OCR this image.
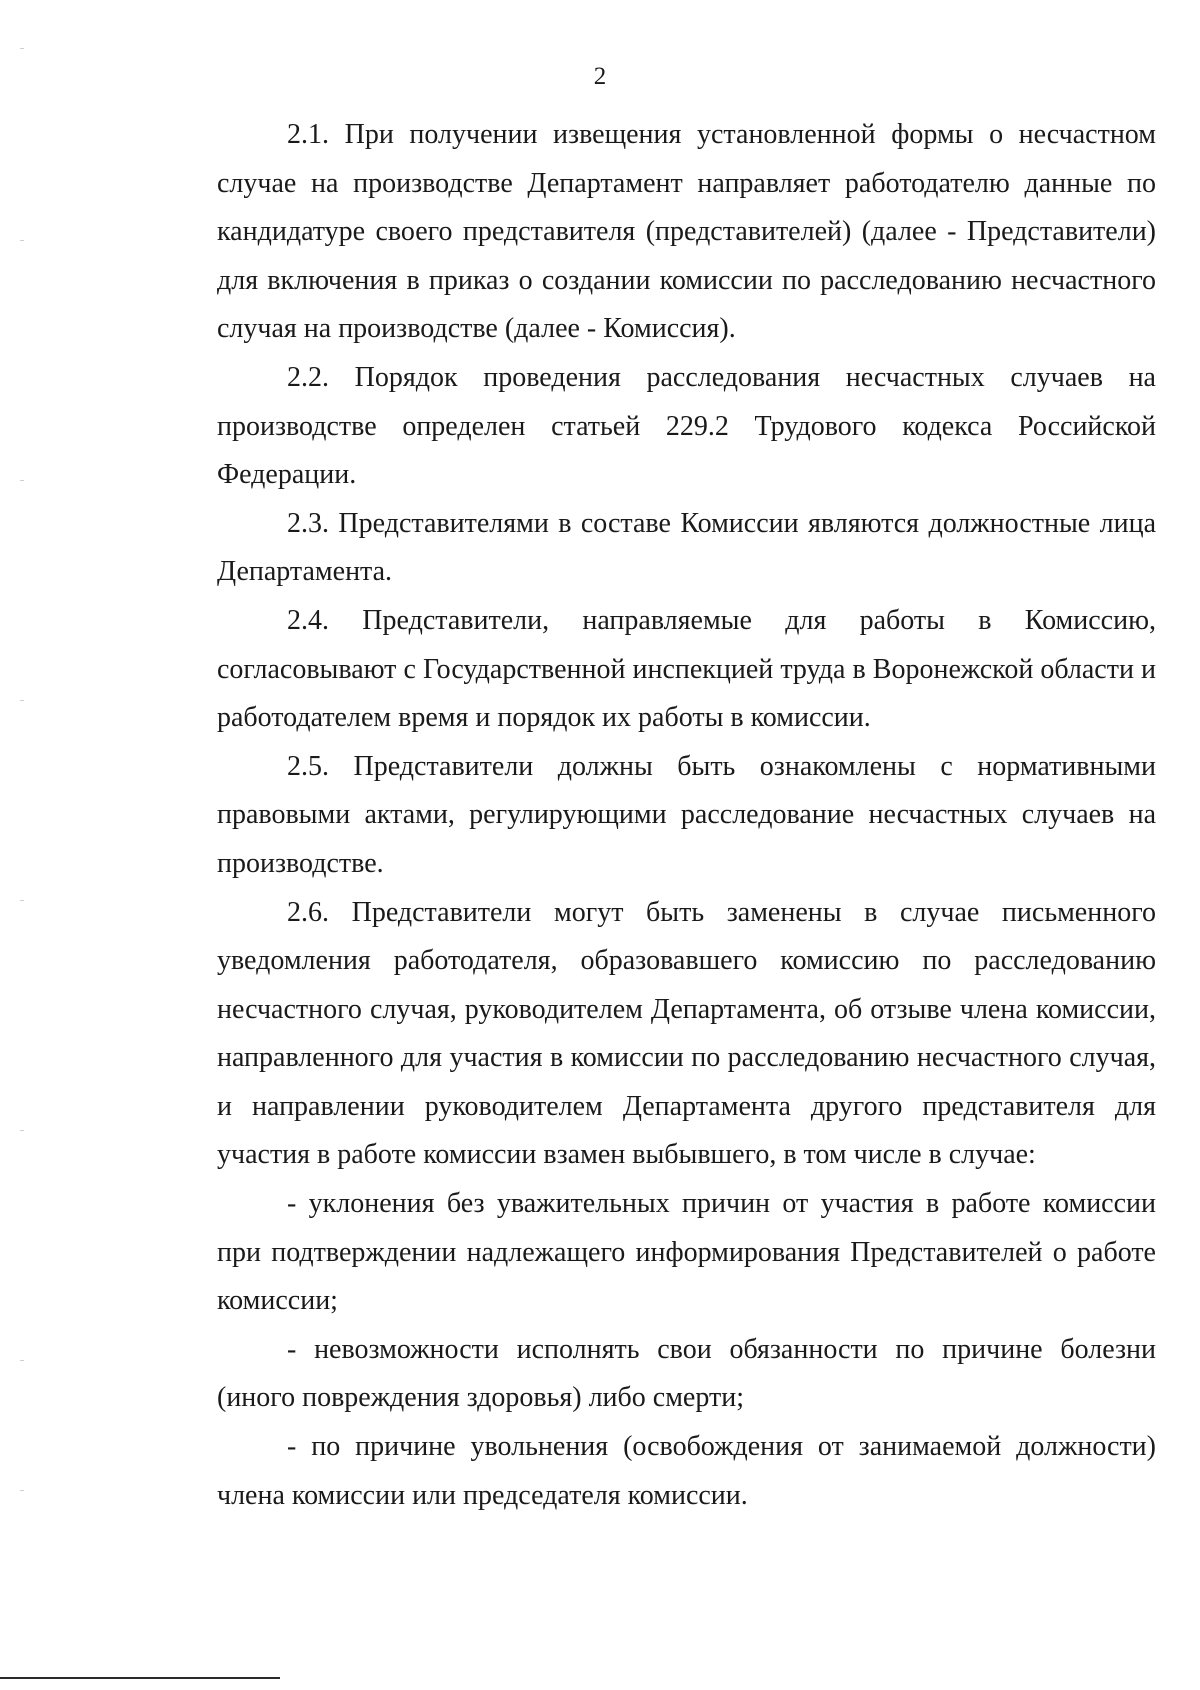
2

2.1. При получении извещения установленной формы о несчастном случае на производстве Департамент направляет работодателю данные по кандидатуре своего представителя (представителей) (далее - Представители) для включения в приказ о создании комиссии по расследованию несчастного случая на производстве (далее - Комиссия).

2.2. Порядок проведения расследования несчастных случаев на производстве определен статьей 229.2 Трудового кодекса Российской Федерации.

2.3. Представителями в составе Комиссии являются должностные лица Департамента.

2.4. Представители, направляемые для работы в Комиссию, согласовывают с Государственной инспекцией труда в Воронежской области и работодателем время и порядок их работы в комиссии.

2.5. Представители должны быть ознакомлены с нормативными правовыми актами, регулирующими расследование несчастных случаев на производстве.

2.6. Представители могут быть заменены в случае письменного уведомления работодателя, образовавшего комиссию по расследованию несчастного случая, руководителем Департамента, об отзыве члена комиссии, направленного для участия в комиссии по расследованию несчастного случая, и направлении руководителем Департамента другого представителя для участия в работе комиссии взамен выбывшего, в том числе в случае:

- уклонения без уважительных причин от участия в работе комиссии при подтверждении надлежащего информирования Представителей о работе комиссии;

- невозможности исполнять свои обязанности по причине болезни (иного повреждения здоровья) либо смерти;

- по причине увольнения (освобождения от занимаемой должности) члена комиссии или председателя комиссии.
